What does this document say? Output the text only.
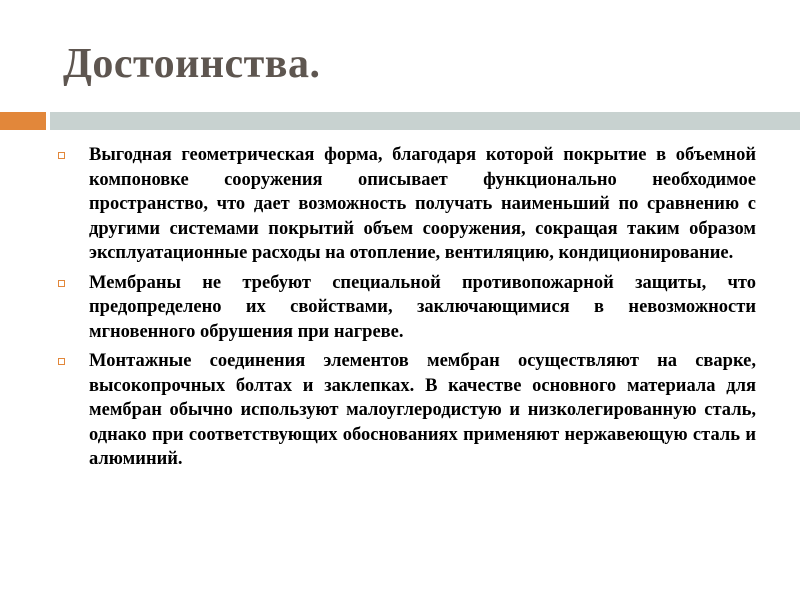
Достоинства.
Выгодная геометрическая форма, благодаря которой покрытие в объемной компоновке сооружения описывает функционально необходимое пространство, что дает возможность получать наименьший по сравнению с другими системами покрытий объем сооружения, сокращая таким образом эксплуатационные расходы на отопление, вентиляцию, кондиционирование.
Мембраны не требуют специальной противопожарной защиты, что предопределено их свойствами, заключающимися в невозможности мгновенного обрушения при нагреве.
Монтажные соединения элементов мембран осуществляют на сварке, высокопрочных болтах и заклепках. В качестве основного материала для мембран обычно используют малоуглеродистую и низколегированную сталь, однако при соответствующих обоснованиях применяют нержавеющую сталь и алюминий.
